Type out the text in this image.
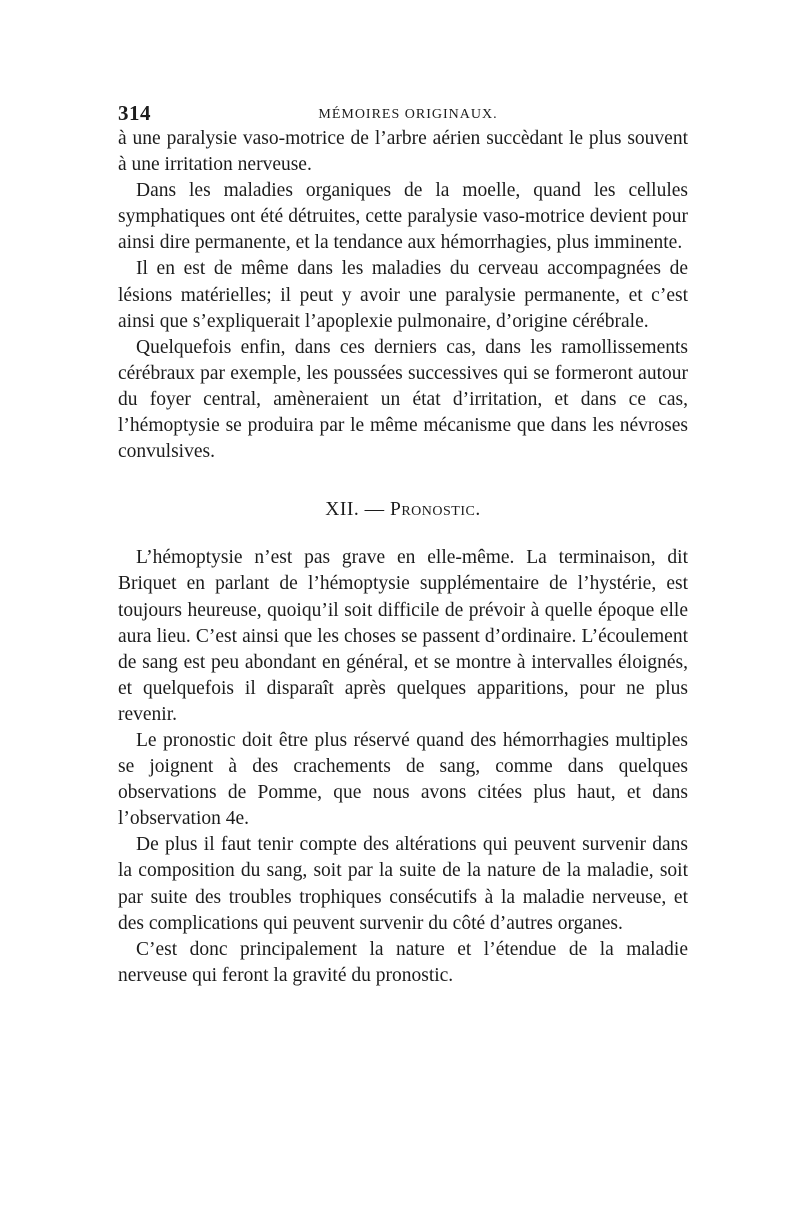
314	MÉMOIRES ORIGINAUX.

à une paralysie vaso-motrice de l’arbre aérien succèdant le plus souvent à une irritation nerveuse.

Dans les maladies organiques de la moelle, quand les cellules symphatiques ont été détruites, cette paralysie vaso-motrice devient pour ainsi dire permanente, et la tendance aux hémorrhagies, plus imminente.

Il en est de même dans les maladies du cerveau accompagnées de lésions matérielles; il peut y avoir une paralysie permanente, et c’est ainsi que s’expliquerait l’apoplexie pulmonaire, d’origine cérébrale.

Quelquefois enfin, dans ces derniers cas, dans les ramollissements cérébraux par exemple, les poussées successives qui se formeront autour du foyer central, amèneraient un état d’irritation, et dans ce cas, l’hémoptysie se produira par le même mécanisme que dans les névroses convulsives.

XII. — Pronostic.

L’hémoptysie n’est pas grave en elle-même. La terminaison, dit Briquet en parlant de l’hémoptysie supplémentaire de l’hystérie, est toujours heureuse, quoiqu’il soit difficile de prévoir à quelle époque elle aura lieu. C’est ainsi que les choses se passent d’ordinaire. L’écoulement de sang est peu abondant en général, et se montre à intervalles éloignés, et quelquefois il disparaît après quelques apparitions, pour ne plus revenir.

Le pronostic doit être plus réservé quand des hémorrhagies multiples se joignent à des crachements de sang, comme dans quelques observations de Pomme, que nous avons citées plus haut, et dans l’observation 4e.

De plus il faut tenir compte des altérations qui peuvent survenir dans la composition du sang, soit par la suite de la nature de la maladie, soit par suite des troubles trophiques consécutifs à la maladie nerveuse, et des complications qui peuvent survenir du côté d’autres organes.

C’est donc principalement la nature et l’étendue de la maladie nerveuse qui feront la gravité du pronostic.
